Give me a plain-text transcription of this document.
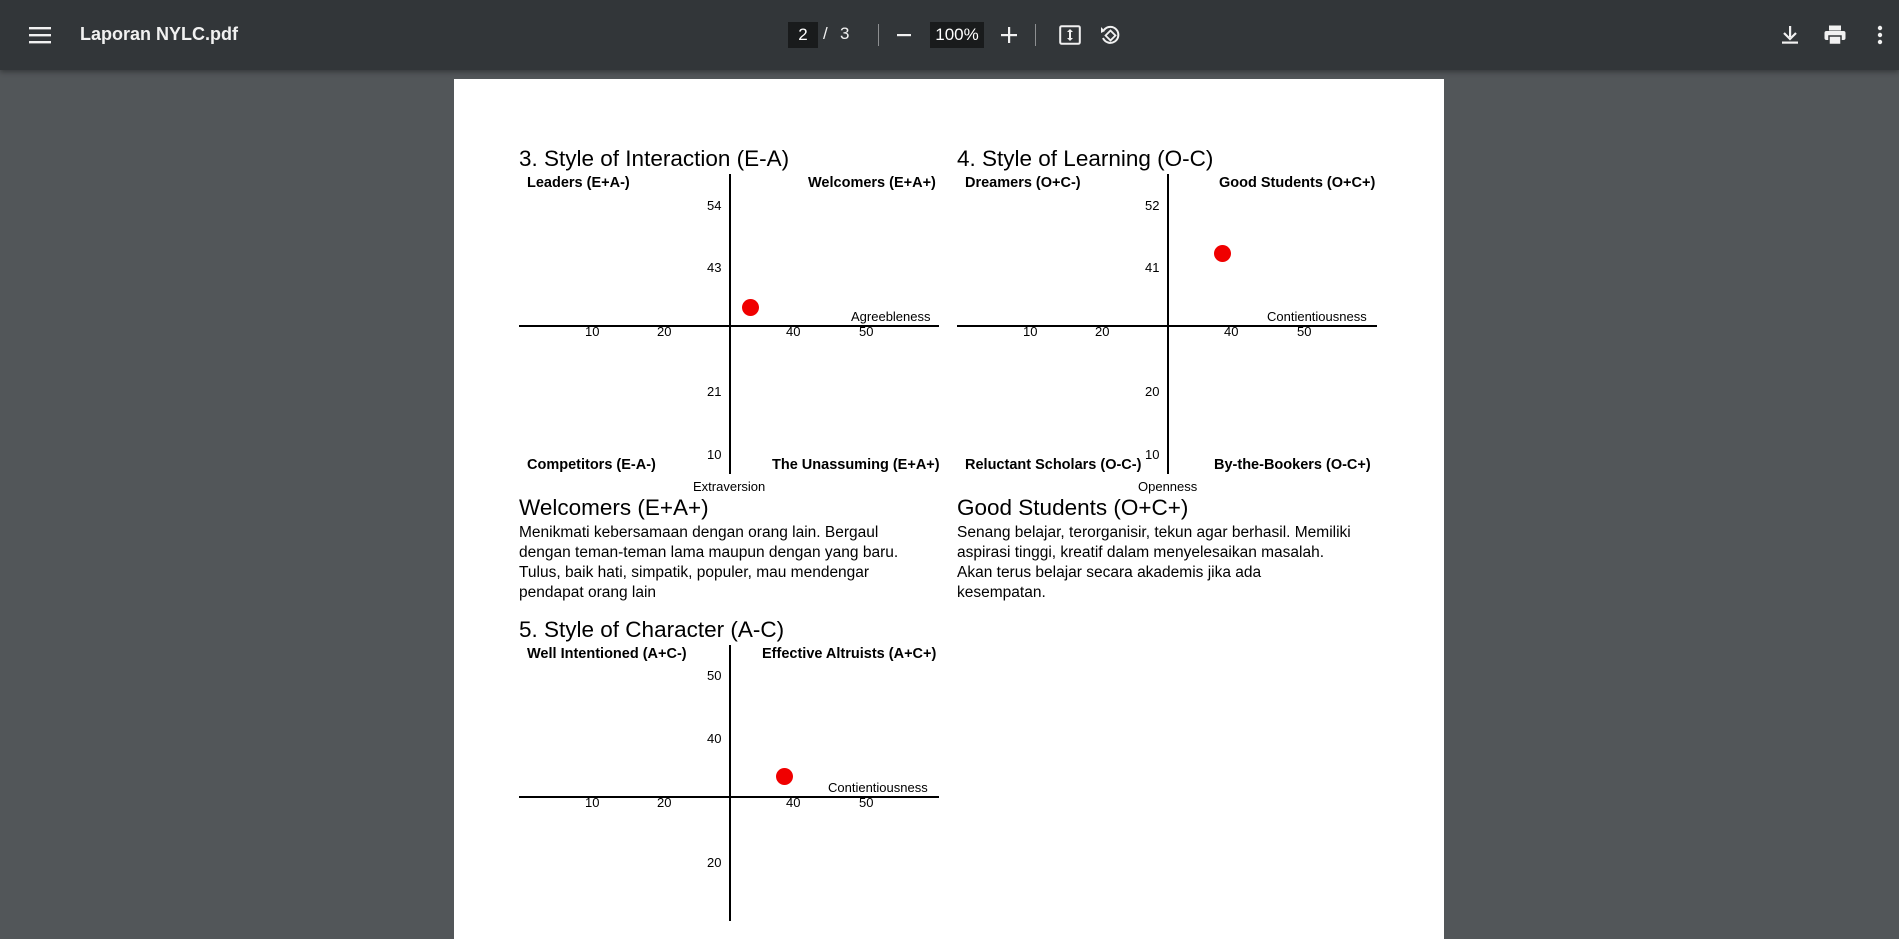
Laporan NYLC.pdf	2 / 3	100%
3. Style of Interaction (E-A)
Leaders (E+A-)	Welcomers (E+A+)
Competitors (E-A-)	The Unassuming (E+A+)
54
43
21
10
10	20	40	50
Agreebleness
Extraversion
4. Style of Learning (O-C)
Dreamers (O+C-)	Good Students (O+C+)
Reluctant Scholars (O-C-)	By-the-Bookers (O-C+)
52
41
20
10
10	20	40	50
Contientiousness
Openness
Welcomers (E+A+)
Menikmati kebersamaan dengan orang lain. Bergaul
dengan teman-teman lama maupun dengan yang baru.
Tulus, baik hati, simpatik, populer, mau mendengar
pendapat orang lain
Good Students (O+C+)
Senang belajar, terorganisir, tekun agar berhasil. Memiliki
aspirasi tinggi, kreatif dalam menyelesaikan masalah.
Akan terus belajar secara akademis jika ada
kesempatan.
5. Style of Character (A-C)
Well Intentioned (A+C-)	Effective Altruists (A+C+)
50
40
20
10	20	40	50
Contientiousness
